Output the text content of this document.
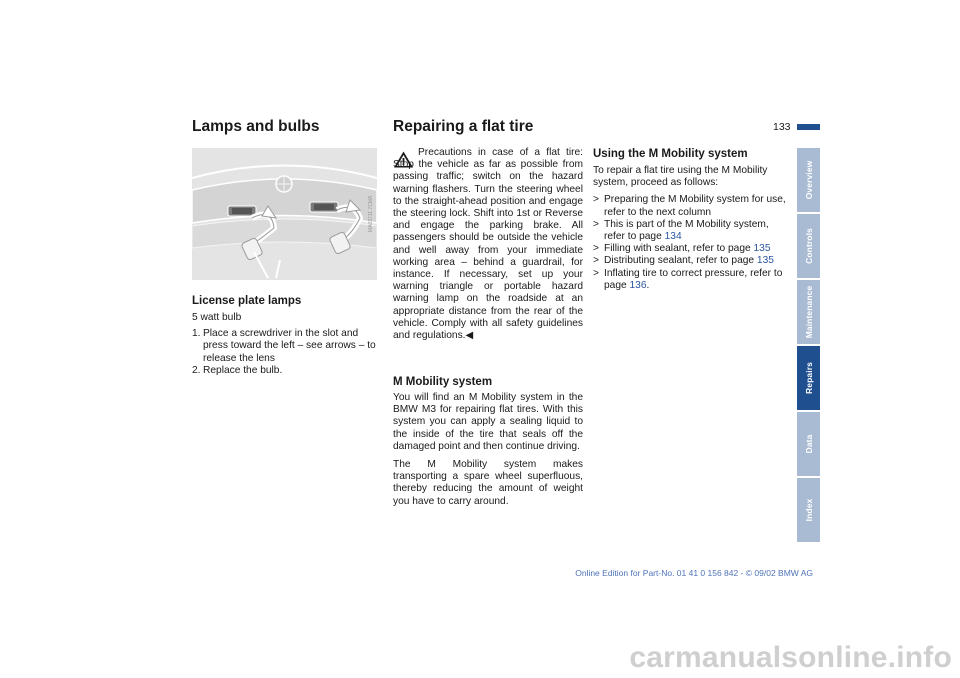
133
Lamps and bulbs
MA03711 7CMA
License plate lamps

5 watt bulb

1. Place a screwdriver in the slot and press toward the left – see arrows – to release the lens
2. Replace the bulb.
Repairing a flat tire
Precautions in case of a flat tire: Stop the vehicle as far as possible from passing traffic; switch on the hazard warning flashers. Turn the steering wheel to the straight-ahead position and engage the steering lock. Shift into 1st or Reverse and engage the parking brake. All passengers should be outside the vehicle and well away from your immediate working area – behind a guardrail, for instance. If necessary, set up your warning triangle or portable hazard warning lamp on the roadside at an appropriate distance from the rear of the vehicle. Comply with all safety guidelines and regulations.◀
M Mobility system

You will find an M Mobility system in the BMW M3 for repairing flat tires. With this system you can apply a sealing liquid to the inside of the tire that seals off the damaged point and then continue driving.

The M Mobility system makes transporting a spare wheel superfluous, thereby reducing the amount of weight you have to carry around.

Using the M Mobility system

To repair a flat tire using the M Mobility system, proceed as follows:

> Preparing the M Mobility system for use, refer to the next column
> This is part of the M Mobility system, refer to page 134
> Filling with sealant, refer to page 135
> Distributing sealant, refer to page 135
> Inflating tire to correct pressure, refer to page 136.
Overview
Controls
Maintenance
Repairs
Data
Index
Online Edition for Part-No. 01 41 0 156 842 - © 09/02 BMW AG
carmanualsonline.info
